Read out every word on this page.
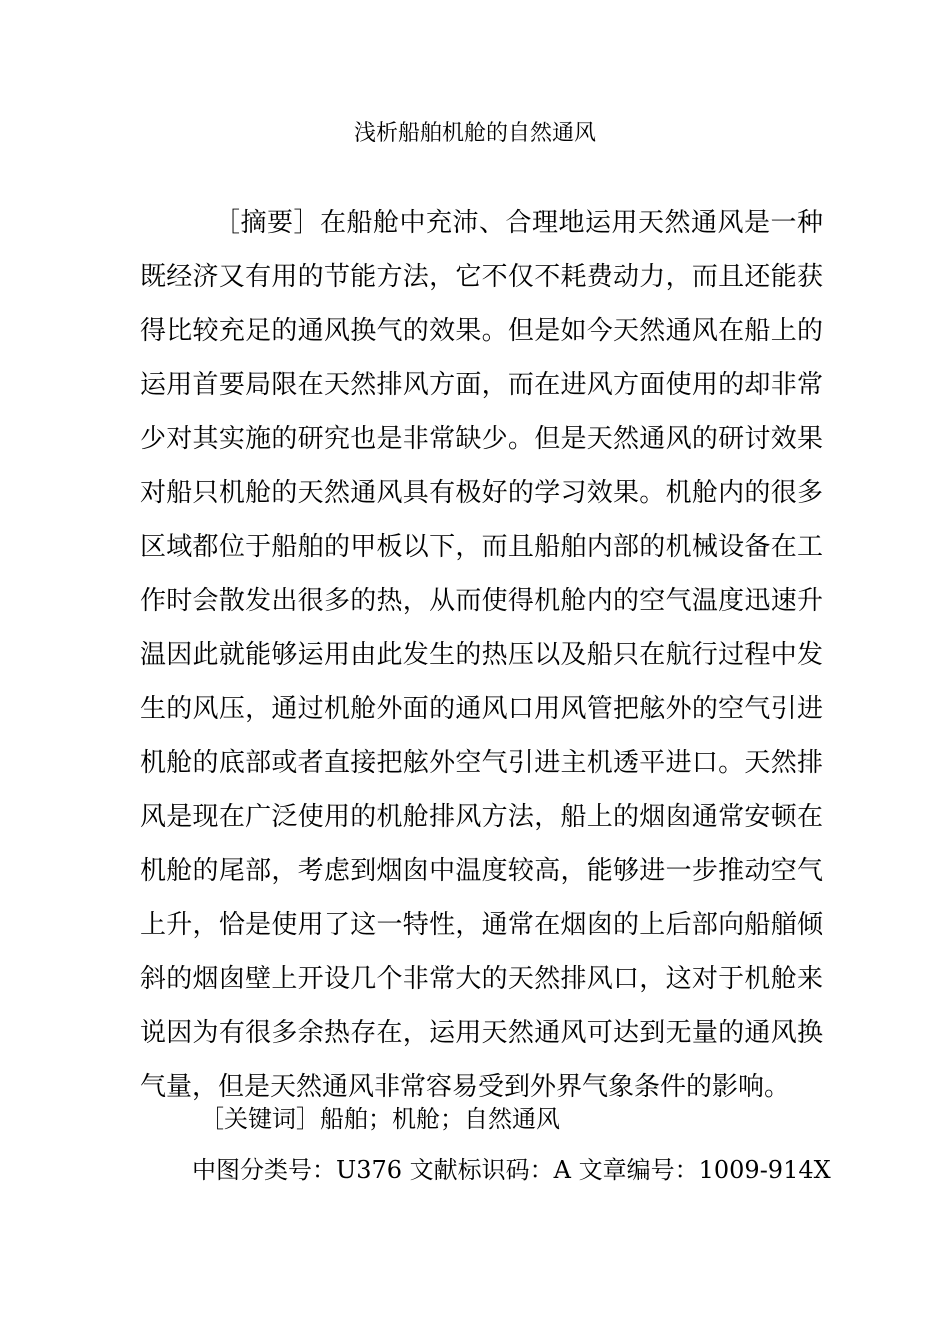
浅析船舶机舱的自然通风

［摘要］在船舱中充沛、合理地运用天然通风是一种既经济又有用的节能方法，它不仅不耗费动力，而且还能获得比较充足的通风换气的效果。但是如今天然通风在船上的运用首要局限在天然排风方面，而在进风方面使用的却非常少对其实施的研究也是非常缺少。但是天然通风的研讨效果对船只机舱的天然通风具有极好的学习效果。机舱内的很多区域都位于船舶的甲板以下，而且船舶内部的机械设备在工作时会散发出很多的热，从而使得机舱内的空气温度迅速升温因此就能够运用由此发生的热压以及船只在航行过程中发生的风压，通过机舱外面的通风口用风管把舷外的空气引进机舱的底部或者直接把舷外空气引进主机透平进口。天然排风是现在广泛使用的机舱排风方法，船上的烟囱通常安顿在机舱的尾部，考虑到烟囱中温度较高，能够进一步推动空气上升，恰是使用了这一特性，通常在烟囱的上后部向船艏倾斜的烟囱壁上开设几个非常大的天然排风口，这对于机舱来说因为有很多余热存在，运用天然通风可达到无量的通风换气量，但是天然通风非常容易受到外界气象条件的影响。

［关键词］船舶；机舱；自然通风
中图分类号：U376 文献标识码：A 文章编号：1009-914X
